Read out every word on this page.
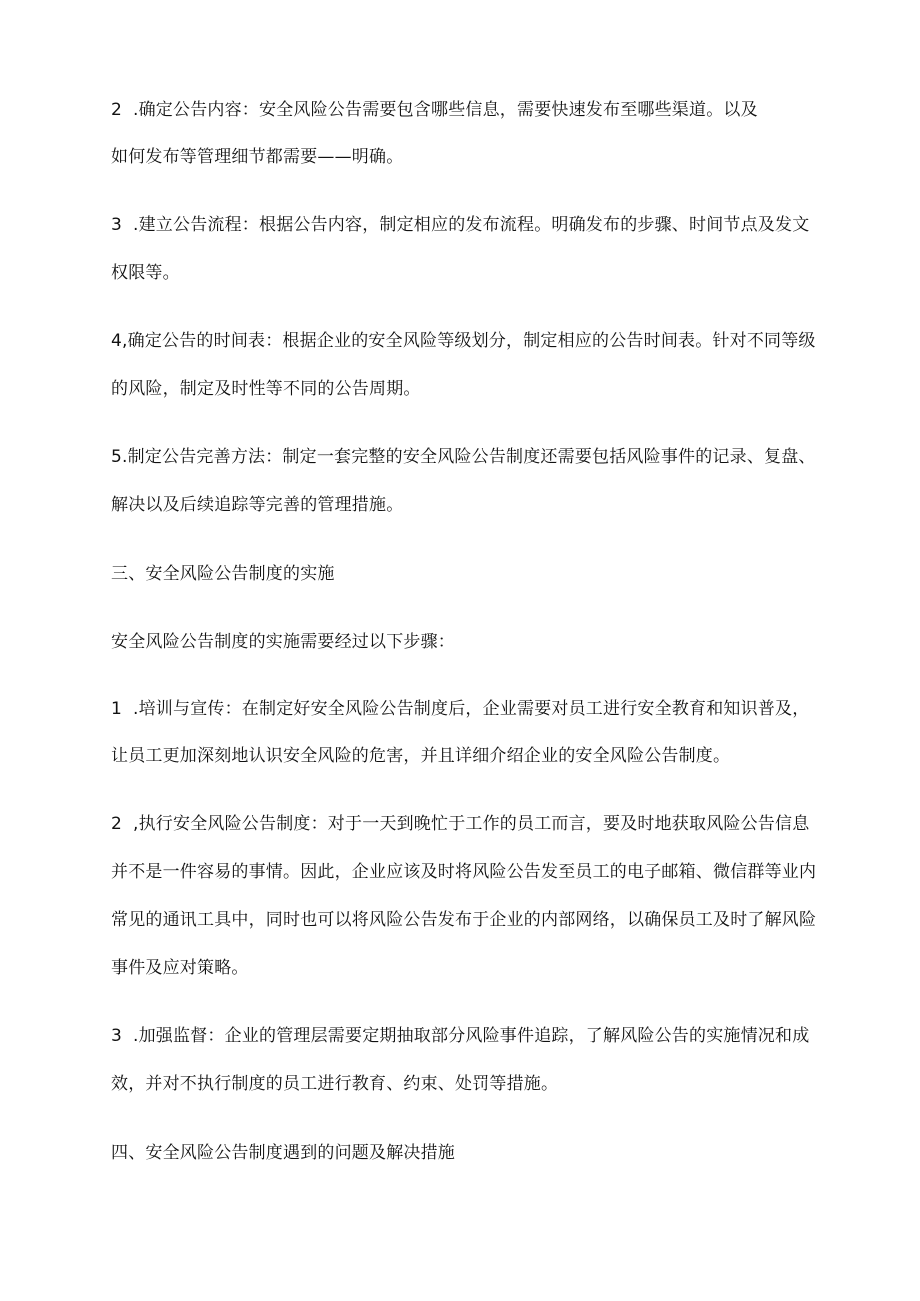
2 .确定公告内容：安全风险公告需要包含哪些信息，需要快速发布至哪些渠道。以及
如何发布等管理细节都需要——明确。
3 .建立公告流程：根据公告内容，制定相应的发布流程。明确发布的步骤、时间节点及发文
权限等。
4,确定公告的时间表：根据企业的安全风险等级划分，制定相应的公告时间表。针对不同等级
的风险，制定及时性等不同的公告周期。
5.制定公告完善方法：制定一套完整的安全风险公告制度还需要包括风险事件的记录、复盘、
解决以及后续追踪等完善的管理措施。
三、安全风险公告制度的实施
安全风险公告制度的实施需要经过以下步骤：
1 .培训与宣传：在制定好安全风险公告制度后，企业需要对员工进行安全教育和知识普及，
让员工更加深刻地认识安全风险的危害，并且详细介绍企业的安全风险公告制度。
2 ,执行安全风险公告制度：对于一天到晚忙于工作的员工而言，要及时地获取风险公告信息
并不是一件容易的事情。因此，企业应该及时将风险公告发至员工的电子邮箱、微信群等业内
常见的通讯工具中，同时也可以将风险公告发布于企业的内部网络，以确保员工及时了解风险
事件及应对策略。
3 .加强监督：企业的管理层需要定期抽取部分风险事件追踪，了解风险公告的实施情况和成
效，并对不执行制度的员工进行教育、约束、处罚等措施。
四、安全风险公告制度遇到的问题及解决措施
